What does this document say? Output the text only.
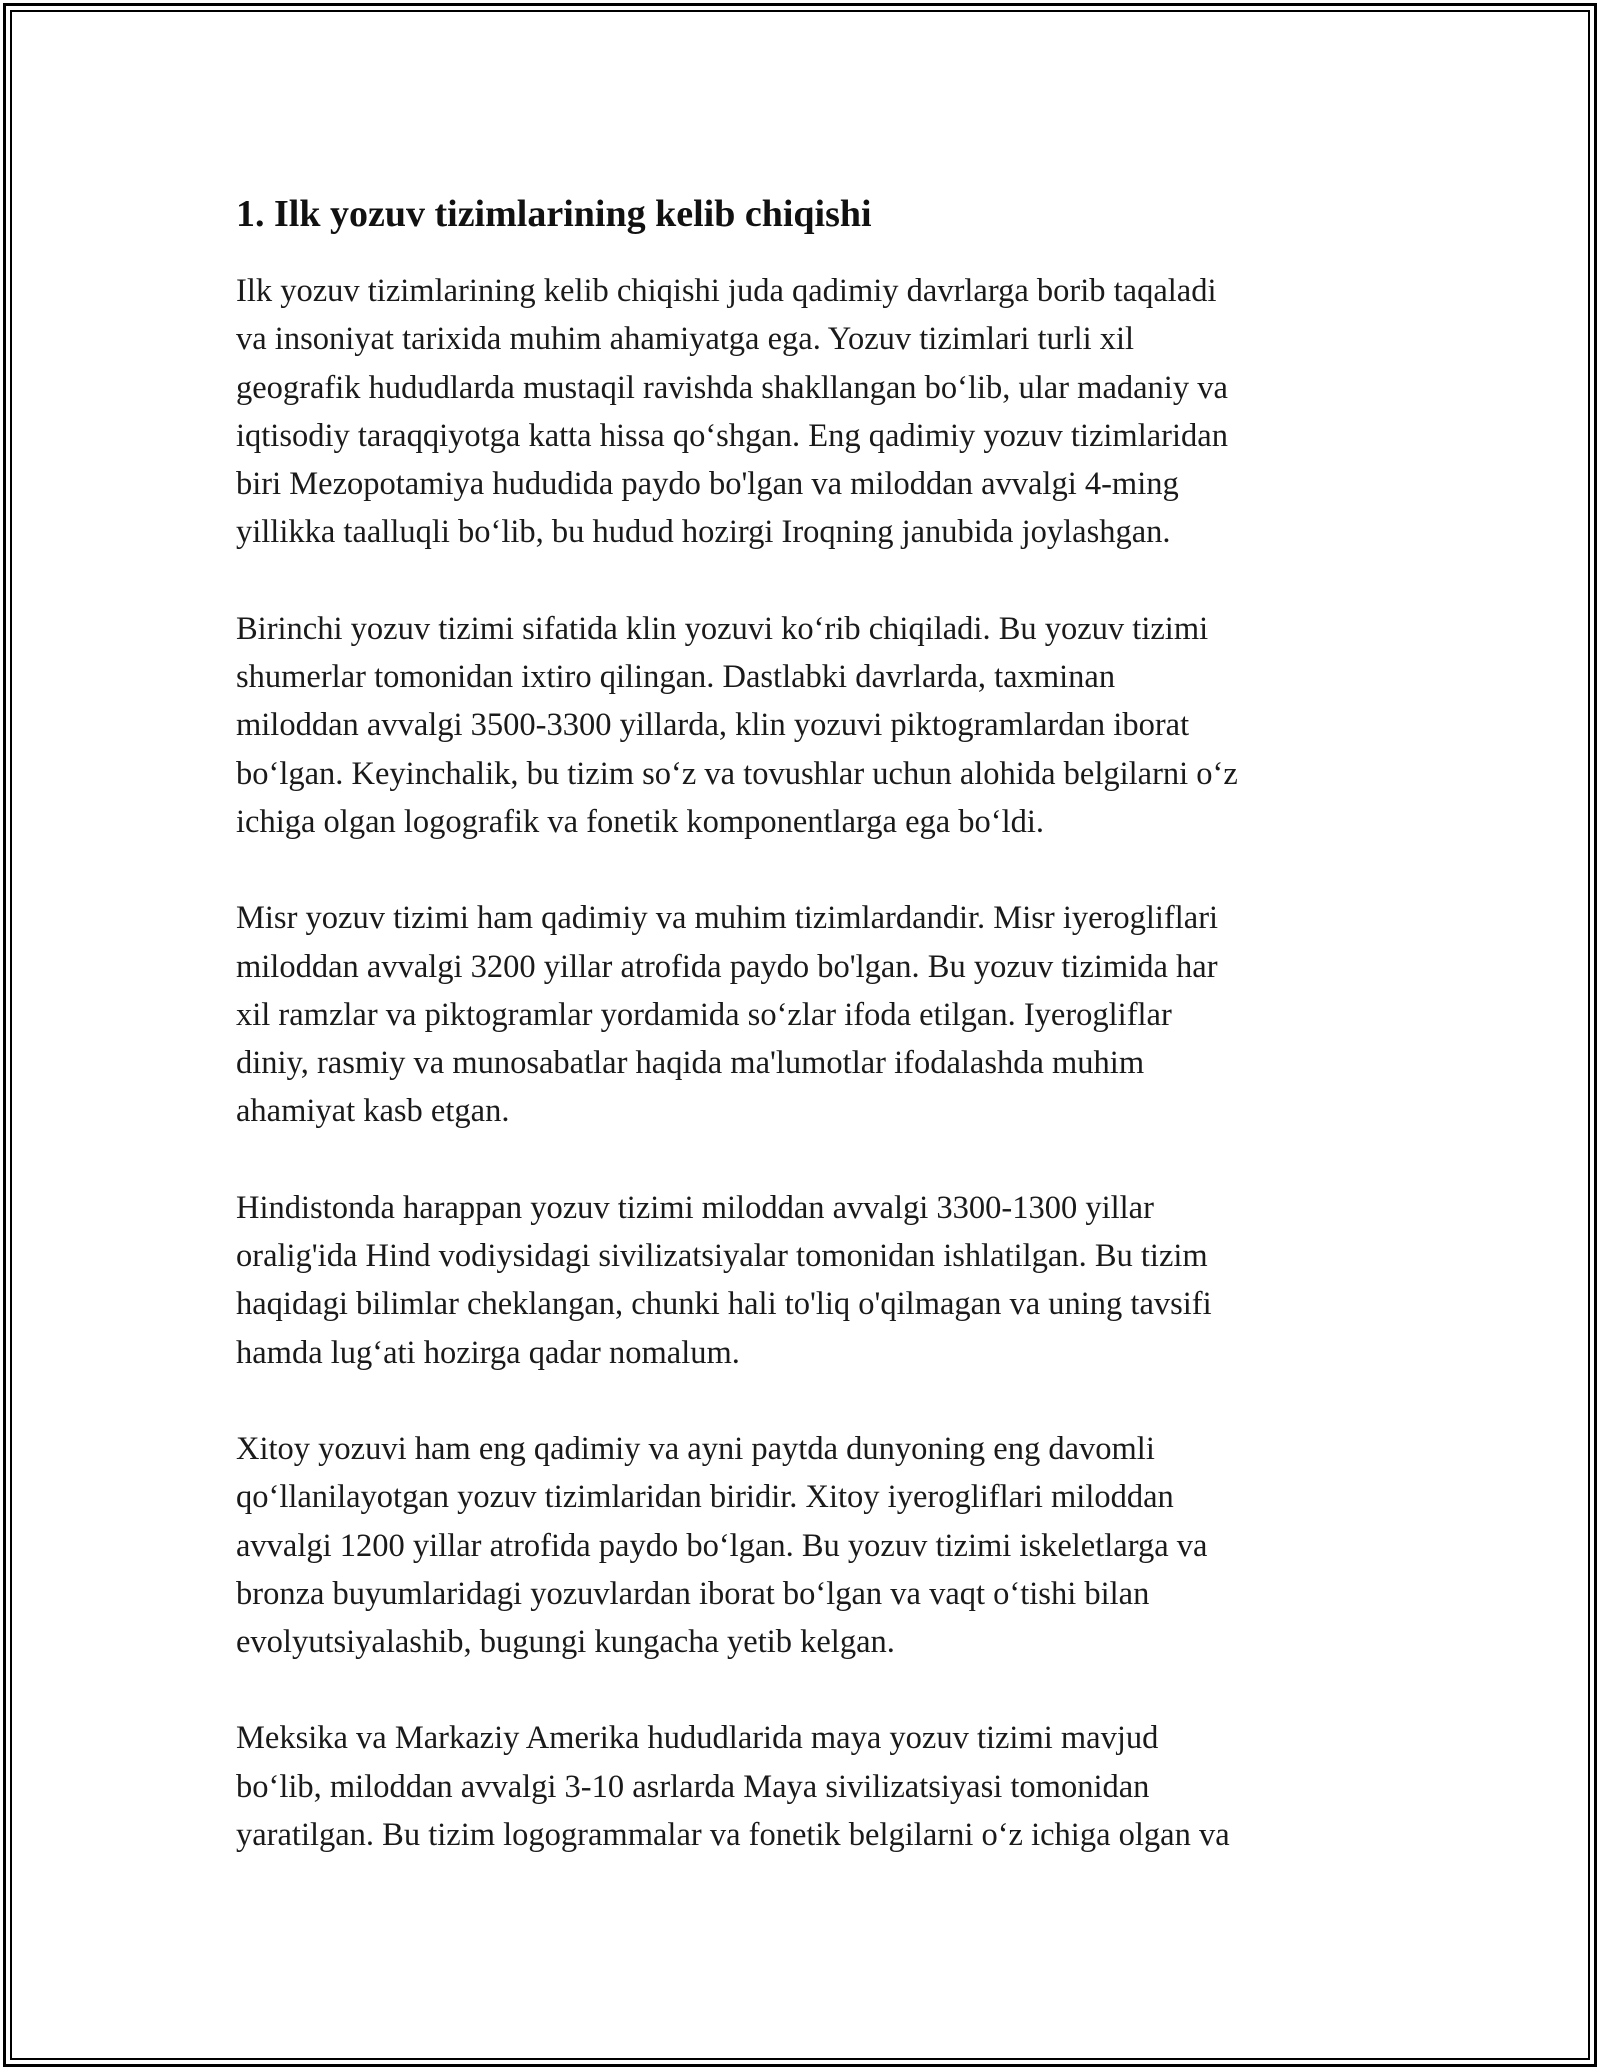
1. Ilk yozuv tizimlarining kelib chiqishi

Ilk yozuv tizimlarining kelib chiqishi juda qadimiy davrlarga borib taqaladi
va insoniyat tarixida muhim ahamiyatga ega. Yozuv tizimlari turli xil
geografik hududlarda mustaqil ravishda shakllangan bo‘lib, ular madaniy va
iqtisodiy taraqqiyotga katta hissa qo‘shgan. Eng qadimiy yozuv tizimlaridan
biri Mezopotamiya hududida paydo bo'lgan va miloddan avvalgi 4-ming
yillikka taalluqli bo‘lib, bu hudud hozirgi Iroqning janubida joylashgan.

Birinchi yozuv tizimi sifatida klin yozuvi ko‘rib chiqiladi. Bu yozuv tizimi
shumerlar tomonidan ixtiro qilingan. Dastlabki davrlarda, taxminan
miloddan avvalgi 3500-3300 yillarda, klin yozuvi piktogramlardan iborat
bo‘lgan. Keyinchalik, bu tizim so‘z va tovushlar uchun alohida belgilarni o‘z
ichiga olgan logografik va fonetik komponentlarga ega bo‘ldi.

Misr yozuv tizimi ham qadimiy va muhim tizimlardandir. Misr iyerogliflari
miloddan avvalgi 3200 yillar atrofida paydo bo'lgan. Bu yozuv tizimida har
xil ramzlar va piktogramlar yordamida so‘zlar ifoda etilgan. Iyerogliflar
diniy, rasmiy va munosabatlar haqida ma'lumotlar ifodalashda muhim
ahamiyat kasb etgan.

Hindistonda harappan yozuv tizimi miloddan avvalgi 3300-1300 yillar
oralig'ida Hind vodiysidagi sivilizatsiyalar tomonidan ishlatilgan. Bu tizim
haqidagi bilimlar cheklangan, chunki hali to'liq o'qilmagan va uning tavsifi
hamda lug‘ati hozirga qadar nomalum.

Xitoy yozuvi ham eng qadimiy va ayni paytda dunyoning eng davomli
qo‘llanilayotgan yozuv tizimlaridan biridir. Xitoy iyerogliflari miloddan
avvalgi 1200 yillar atrofida paydo bo‘lgan. Bu yozuv tizimi iskeletlarga va
bronza buyumlaridagi yozuvlardan iborat bo‘lgan va vaqt o‘tishi bilan
evolyutsiyalashib, bugungi kungacha yetib kelgan.

Meksika va Markaziy Amerika hududlarida maya yozuv tizimi mavjud
bo‘lib, miloddan avvalgi 3-10 asrlarda Maya sivilizatsiyasi tomonidan
yaratilgan. Bu tizim logogrammalar va fonetik belgilarni o‘z ichiga olgan va
